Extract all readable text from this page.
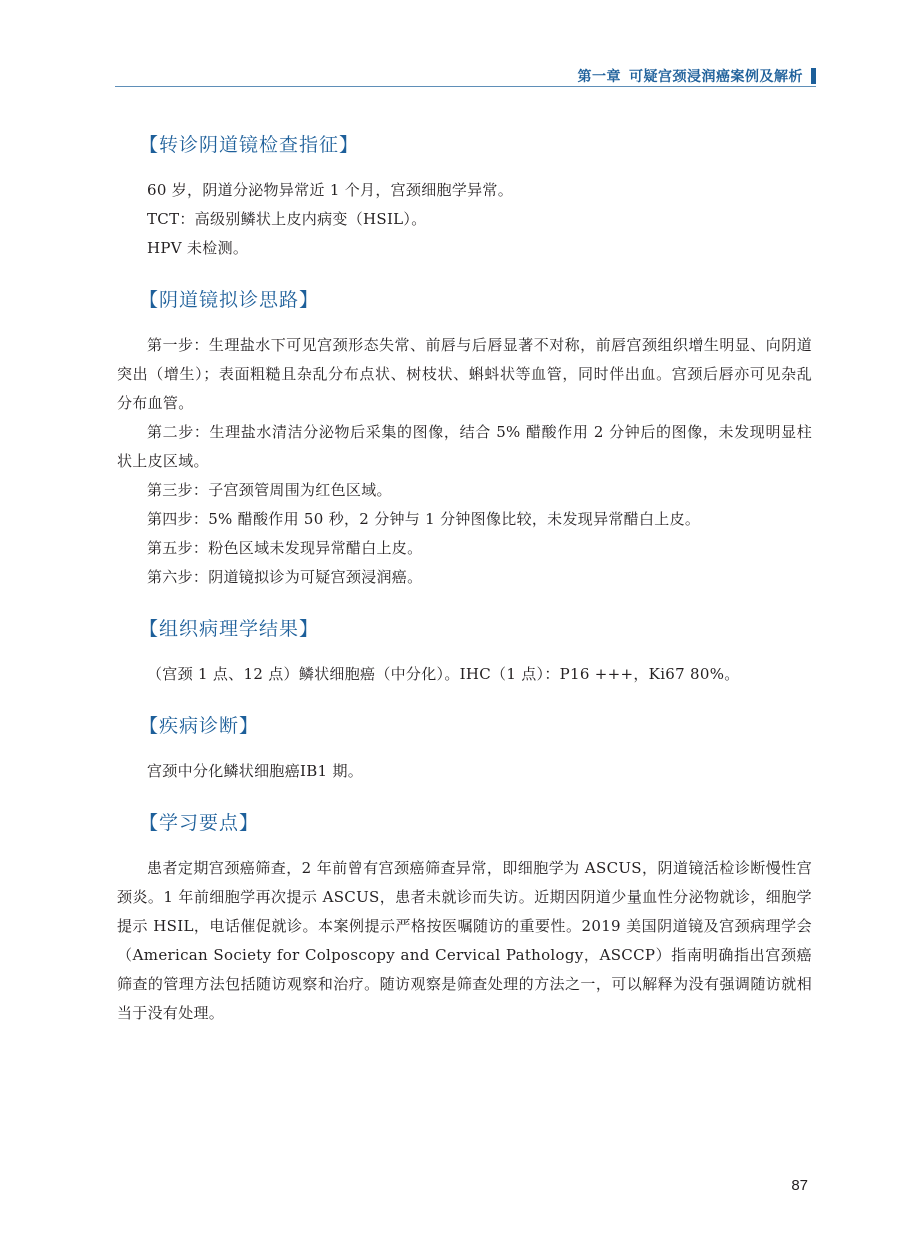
第一章 可疑宫颈浸润癌案例及解析
【转诊阴道镜检查指征】

60 岁，阴道分泌物异常近 1 个月，宫颈细胞学异常。

TCT：高级别鳞状上皮内病变（HSIL）。

HPV 未检测。

【阴道镜拟诊思路】

第一步：生理盐水下可见宫颈形态失常、前唇与后唇显著不对称，前唇宫颈组织增生明显、向阴道突出（增生）；表面粗糙且杂乱分布点状、树枝状、蝌蚪状等血管，同时伴出血。宫颈后唇亦可见杂乱分布血管。

第二步：生理盐水清洁分泌物后采集的图像，结合 5% 醋酸作用 2 分钟后的图像，未发现明显柱状上皮区域。

第三步：子宫颈管周围为红色区域。

第四步：5% 醋酸作用 50 秒，2 分钟与 1 分钟图像比较，未发现异常醋白上皮。

第五步：粉色区域未发现异常醋白上皮。

第六步：阴道镜拟诊为可疑宫颈浸润癌。

【组织病理学结果】

（宫颈 1 点、12 点）鳞状细胞癌（中分化）。IHC（1 点）：P16 +++，Ki67 80%。

【疾病诊断】

宫颈中分化鳞状细胞癌ⅠB1 期。

【学习要点】

患者定期宫颈癌筛查，2 年前曾有宫颈癌筛查异常，即细胞学为 ASCUS，阴道镜活检诊断慢性宫颈炎。1 年前细胞学再次提示 ASCUS，患者未就诊而失访。近期因阴道少量血性分泌物就诊，细胞学提示 HSIL，电话催促就诊。本案例提示严格按医嘱随访的重要性。2019 美国阴道镜及宫颈病理学会（American Society for Colposcopy and Cervical Pathology，ASCCP）指南明确指出宫颈癌筛查的管理方法包括随访观察和治疗。随访观察是筛查处理的方法之一，可以解释为没有强调随访就相当于没有处理。

87
